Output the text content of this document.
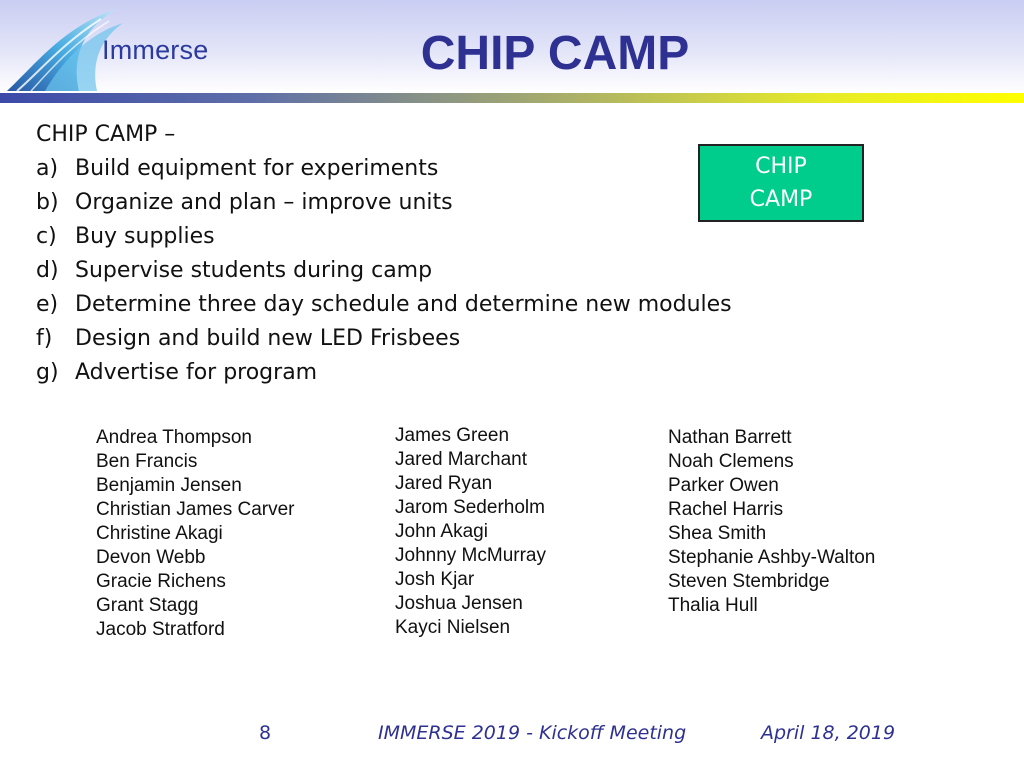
Immerse	CHIP CAMP
CHIP CAMP –
a) Build equipment for experiments
b) Organize and plan – improve units
c) Buy supplies
d) Supervise students during camp
e) Determine three day schedule and determine new modules
f) Design and build new LED Frisbees
g) Advertise for program
CHIP
CAMP
Andrea Thompson
Ben Francis
Benjamin Jensen
Christian James Carver
Christine Akagi
Devon Webb
Gracie Richens
Grant Stagg
Jacob Stratford
James Green
Jared Marchant
Jared Ryan
Jarom Sederholm
John Akagi
Johnny McMurray
Josh Kjar
Joshua Jensen
Kayci Nielsen
Nathan Barrett
Noah Clemens
Parker Owen
Rachel Harris
Shea Smith
Stephanie Ashby-Walton
Steven Stembridge
Thalia Hull
8	IMMERSE 2019 - Kickoff Meeting	April 18, 2019
